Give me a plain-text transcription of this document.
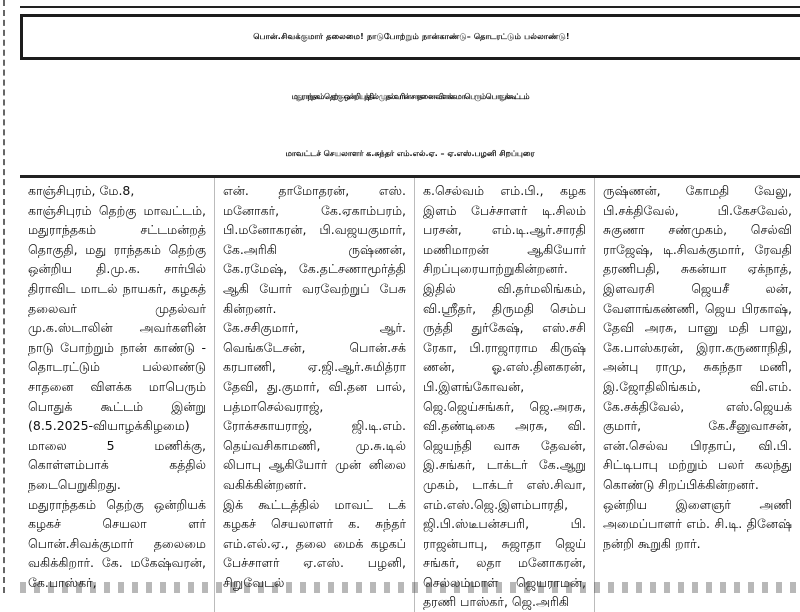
பொன்.சிவக்குமார் தலைமை! நாடுபோற்றும் நான்காண்டு– தொடரட்டும் பல்லாண்டு!
மதுராந்தகம் தெற்கு ஒன்றியத்தில் முதல்வரின் சாதனை விளக்க மாபெரும் பொதுக்கூட்டம்
மாவட்டச் செயலாளர் க.சுந்தர் எம்.எல்.ஏ. – ஏ.எஸ்.பழனி சிறப்புரை

காஞ்சிபுரம், மே.8,
காஞ்சிபுரம் தெற்கு மாவட்டம், மதுராந்தகம் சட்டமன்றத் தொகுதி, மது ராந்தகம் தெற்கு ஒன்றிய தி.மு.க. சார்பில் திராவிட மாடல் நாயகர், கழகத் தலைவர் முதல்வர் மு.க.ஸ்டாலின் அவர்களின் நாடு போற்றும் நான் காண்டு - தொடரட்டும் பல்லாண்டு சாதனை விளக்க மாபெரும் பொதுக் கூட்டம் இன்று (8.5.2025-வியாழக்கிழமை) மாலை 5 மணிக்கு, கொள்ளம்பாக் கத்தில் நடைபெறுகிறது.
மதுராந்தகம் தெற்கு ஒன்றியக் கழகச் செயலா ளர் பொன்.சிவக்குமார் தலைமை வகிக்கிறார். கே. மகேஷ்வரன், கே.பாஸ்கர்,

என். தாமோதரன், எஸ். மனோகர், கே.ஏகாம்பரம், பி.மனோகரன், பி.வஜயகுமார், கே.அரிகி ருஷ்ணன், கே.ரமேஷ், கே.தட்சணாமூர்த்தி ஆகி யோர் வரவேற்றுப் பேசு கின்றனர்.
கே.சசிகுமார், ஆர். வெங்கடேசன், பொன்.சக் கரபாணி, ஏ.ஜி.ஆர்.சுமித்ரா தேவி, து.குமார், வி.தன பால், பத்மாசெல்வராஜ், ரோக்சகாயராஜ், ஜி.டி.எம். தெய்வசிகாமணி, மு.சு.டில் லிபாபு ஆகியோர் முன் னிலை வகிக்கின்றனர்.
இக் கூட்டத்தில் மாவட் டக் கழகச் செயலாளர் க. சுந்தர் எம்.எல்.ஏ., தலை மைக் கழகப் பேச்சாளர் ஏ.எஸ். பழனி, சிறுவேடல்

க.செல்வம் எம்.பி., கழக இளம் பேச்சாளர் டி.சிலம் பரசன், எம்.டி.ஆர்.சாரதி மணிமாறன் ஆகியோர் சிறப்புரையாற்றுகின்றனர்.
இதில் வி.தர்மலிங்கம், வி.ஸ்ரீதர், திருமதி செம்ப ருத்தி துர்கேஷ், எஸ்.சசி ரேகா, பி.ராஜாராம கிருஷ் ணன், ஓ.எஸ்.தினகரன், பி.இளங்கோவன், ஜெ.ஜெய்சங்கர், ஜெ.அரசு, வி.தண்டிகை அரசு, வி. ஜெயந்தி வாசு தேவன், இ.சங்கர், டாக்டர் கே.ஆறு முகம், டாக்டர் எஸ்.சிவா, எம்.எஸ்.ஜெ.இளம்பாரதி, ஜி.பி.ஸ்டீபன்சபரி, பி. ராஜன்பாபு, சுஜாதா ஜெய் சங்கர், லதா மனோகரன், செல்லம்மாள் ஜெயராமன், தரணி பாஸ்கர், ஜெ.அரிகி

ருஷ்ணன், கோமதி வேலு, பி.சக்திவேல், பி.கேசவேல், சுகுணா சண்முகம், செல்வி ராஜேஷ், டி.சிவக்குமார், ரேவதி தரணிபதி, சுகன்யா ஏக்நாத், இளவரசி ஜெயசீ லன், வேளாங்கண்ணி, ஜெய பிரகாஷ், தேவி அரசு, பானு மதி பாலு, கே.பாஸ்கரன், இரா.கருணாநிதி, அன்பு ராமு, சுகந்தா மணி, இ.ஜோதிலிங்கம், வி.எம். கே.சக்திவேல், எஸ்.ஜெயக் குமார், கே.சீனுவாசன், என்.செல்வ பிரதாப், வி.பி. சிட்டிபாபு மற்றும் பலர் கலந்து கொண்டு சிறப்பிக்கின்றனர்.
ஒன்றிய இளைஞர் அணி அமைப்பாளர் எம். சி.டி. தினேஷ் நன்றி கூறுகி றார்.
